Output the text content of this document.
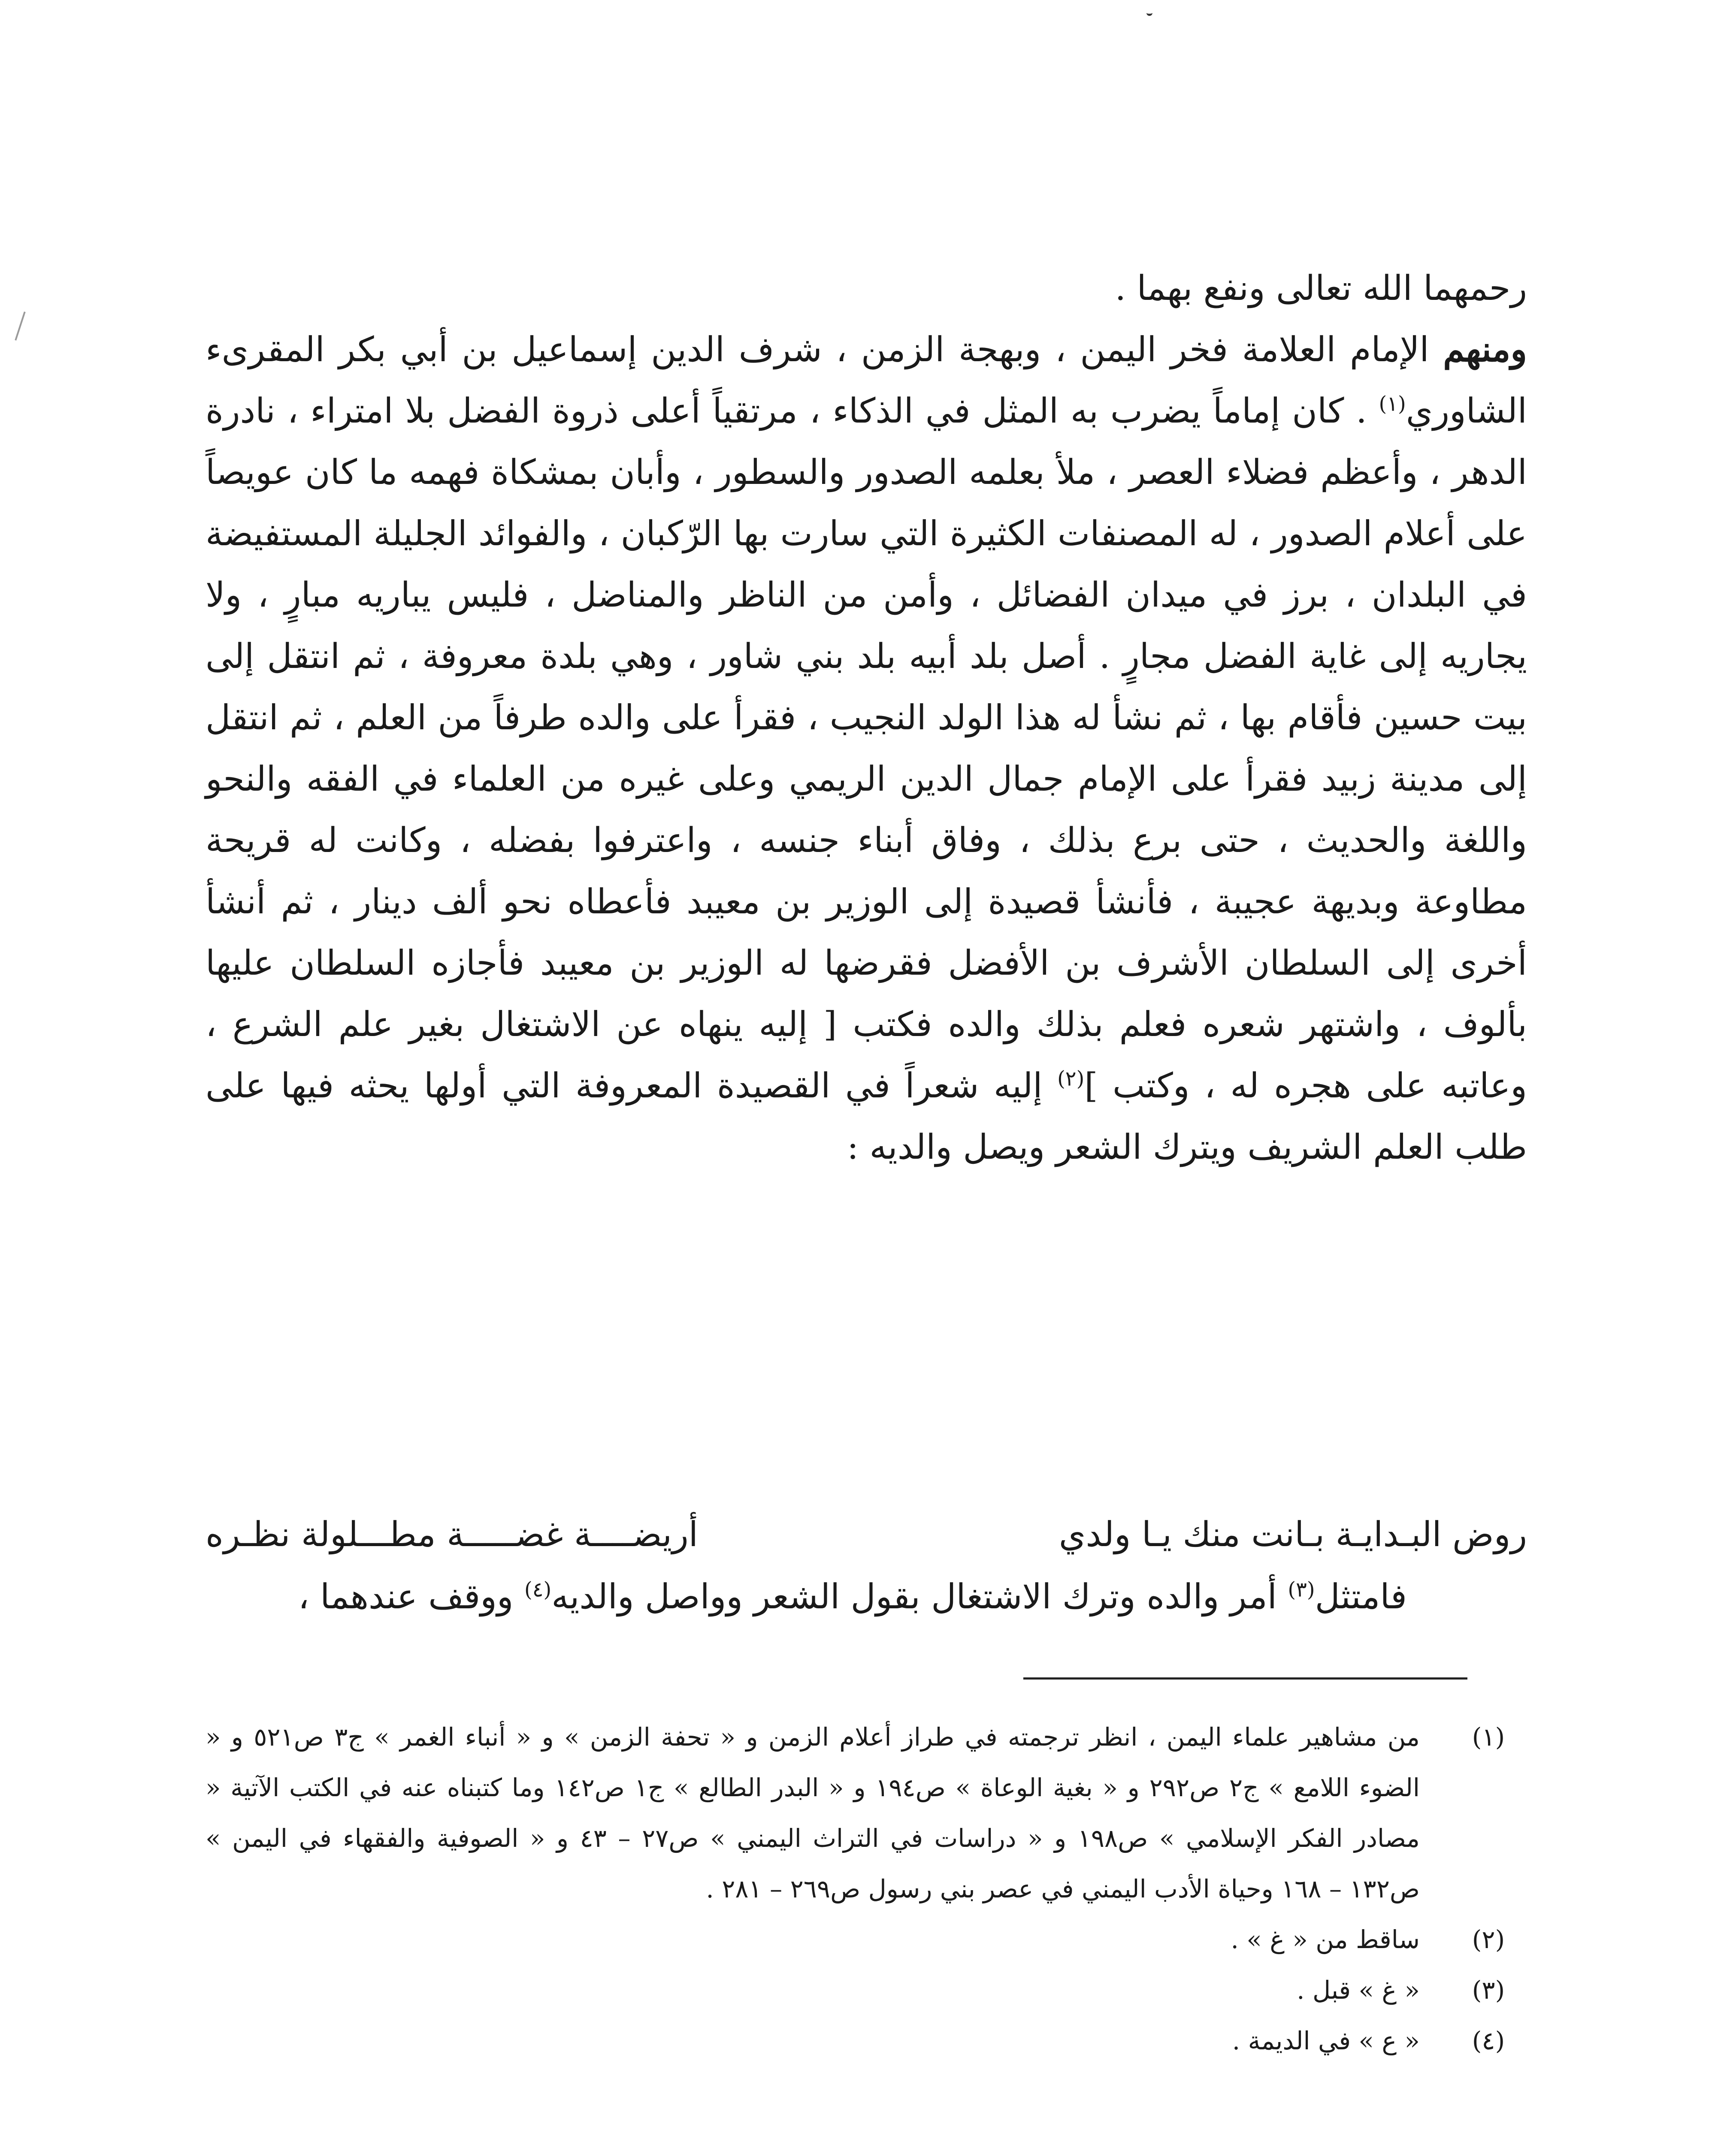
رحمهما الله تعالى ونفع بهما .

ومنهم الإمام العلامة فخر اليمن ، وبهجة الزمن ، شرف الدين إسماعيل بن أبي بكر المقرىء الشاوري$^{(١)}$ . كان إماماً يضرب به المثل في الذكاء ، مرتقياً أعلى ذروة الفضل بلا امتراء ، نادرة الدهر ، وأعظم فضلاء العصر ، ملأ بعلمه الصدور والسطور ، وأبان بمشكاة فهمه ما كان عويصاً على أعلام الصدور ، له المصنفات الكثيرة التي سارت بها الرّكبان ، والفوائد الجليلة المستفيضة في البلدان ، برز في ميدان الفضائل ، وأمن من الناظر والمناضل ، فليس يباريه مبارٍ ، ولا يجاريه إلى غاية الفضل مجارٍ . أصل بلد أبيه بلد بني شاور ، وهي بلدة معروفة ، ثم انتقل إلى بيت حسين فأقام بها ، ثم نشأ له هذا الولد النجيب ، فقرأ على والده طرفاً من العلم ، ثم انتقل إلى مدينة زبيد فقرأ على الإمام جمال الدين الريمي وعلى غيره من العلماء في الفقه والنحو واللغة والحديث ، حتى برع بذلك ، وفاق أبناء جنسه ، واعترفوا بفضله ، وكانت له قريحة مطاوعة وبديهة عجيبة ، فأنشأ قصيدة إلى الوزير بن معيبد فأعطاه نحو ألف دينار ، ثم أنشأ أخرى إلى السلطان الأشرف بن الأفضل فقرضها له الوزير بن معيبد فأجازه السلطان عليها بألوف ، واشتهر شعره فعلم بذلك والده فكتب [ إليه ينهاه عن الاشتغال بغير علم الشرع ، وعاتبه على هجره له ، وكتب ]$^{(٢)}$ إليه شعراً في القصيدة المعروفة التي أولها يحثه فيها على طلب العلم الشريف ويترك الشعر ويصل والديه :

روض البـدايـة بـانت منك يـا ولدي
أريضــــة غضـــــة مطـــلولة نظـره

فامتثل$^{(٣)}$ أمر والده وترك الاشتغال بقول الشعر وواصل والديه$^{(٤)}$ ووقف عندهما ،

(١)
من مشاهير علماء اليمن ، انظر ترجمته في طراز أعلام الزمن و « تحفة الزمن » و « أنباء الغمر » ج٣ ص٥٢١ و « الضوء اللامع » ج٢ ص٢٩٢ و « بغية الوعاة » ص١٩٤ و « البدر الطالع » ج١ ص١٤٢ وما كتبناه عنه في الكتب الآتية « مصادر الفكر الإسلامي » ص١٩٨ و « دراسات في التراث اليمني » ص٢٧ – ٤٣ و « الصوفية والفقهاء في اليمن » ص١٣٢ – ١٦٨ وحياة الأدب اليمني في عصر بني رسول ص٢٦٩ – ٢٨١ .
(٢)
ساقط من « غ » .
(٣)
« غ » قبل .
(٤)
« ع » في الديمة .
